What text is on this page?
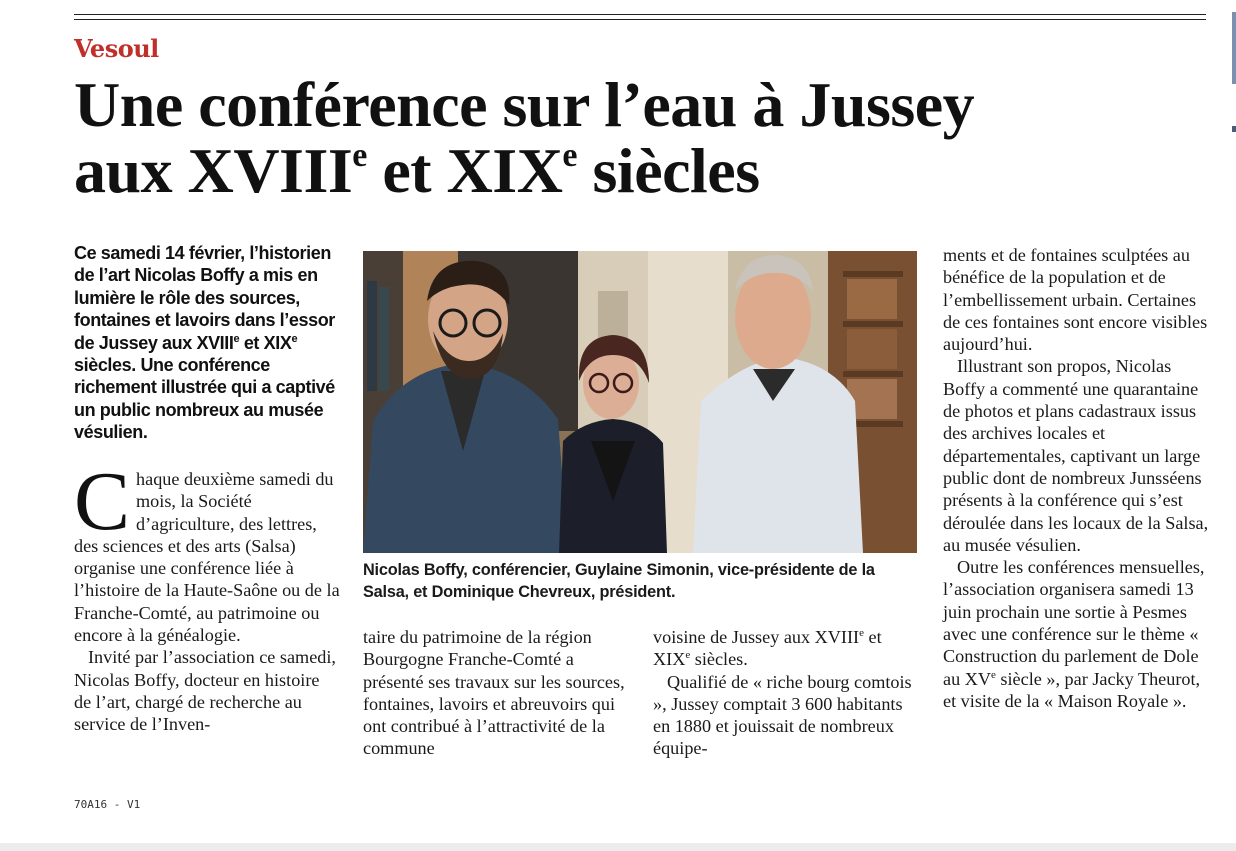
Vesoul
Une conférence sur l’eau à Jussey
aux XVIIIe et XIXe siècles
Ce samedi 14 février, l’historien de l’art Nicolas Boffy a mis en lumière le rôle des sources, fontaines et lavoirs dans l’essor de Jussey aux XVIIIe et XIXe siècles. Une conférence richement illustrée qui a captivé un public nombreux au musée vésulien.

Chaque deuxième samedi du mois, la Société d’agriculture, des lettres, des sciences et des arts (Salsa) organise une conférence liée à l’histoire de la Haute-Saône ou de la Franche-Comté, au patrimoine ou encore à la généalogie.

Invité par l’association ce samedi, Nicolas Boffy, docteur en histoire de l’art, chargé de recherche au service de l’Inven-

Nicolas Boffy, conférencier, Guylaine Simonin, vice-présidente de la Salsa, et Dominique Chevreux, président.

taire du patrimoine de la région Bourgogne Franche-Comté a présenté ses travaux sur les sources, fontaines, lavoirs et abreuvoirs qui ont contribué à l’attractivité de la commune

voisine de Jussey aux XVIIIe et XIXe siècles.

Qualifié de « riche bourg comtois », Jussey comptait 3 600 habitants en 1880 et jouissait de nombreux équipe-

ments et de fontaines sculptées au bénéfice de la population et de l’embellissement urbain. Certaines de ces fontaines sont encore visibles aujourd’hui.

Illustrant son propos, Nicolas Boffy a commenté une quarantaine de photos et plans cadastraux issus des archives locales et départementales, captivant un large public dont de nombreux Junsséens présents à la conférence qui s’est déroulée dans les locaux de la Salsa, au musée vésulien.

Outre les conférences mensuelles, l’association organisera samedi 13 juin prochain une sortie à Pesmes avec une conférence sur le thème « Construction du parlement de Dole au XVe siècle », par Jacky Theurot, et visite de la « Maison Royale ».

70A16 - V1
